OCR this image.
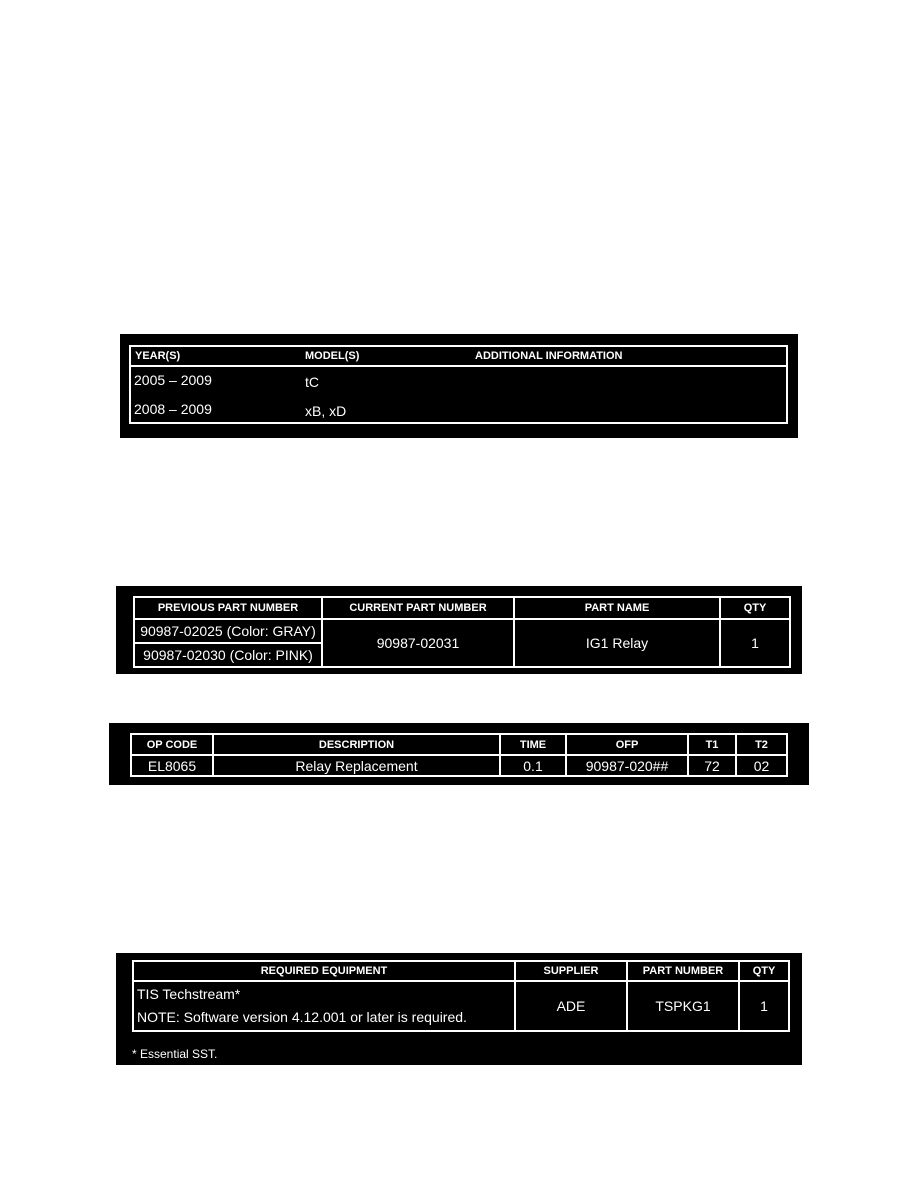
YEAR(S)	MODEL(S)	ADDITIONAL INFORMATION
2005 – 2009	tC
2008 – 2009	xB, xD
PREVIOUS PART NUMBER	CURRENT PART NUMBER	PART NAME	QTY
90987-02025 (Color: GRAY)	90987-02031	IG1 Relay	1
90987-02030 (Color: PINK)			
OP CODE	DESCRIPTION	TIME	OFP	T1	T2
EL8065	Relay Replacement	0.1	90987-020##	72	02
REQUIRED EQUIPMENT	SUPPLIER	PART NUMBER	QTY

TIS Techstream*
NOTE: Software version 4.12.001 or later is required.	ADE	TSPKG1	1
* Essential SST.
